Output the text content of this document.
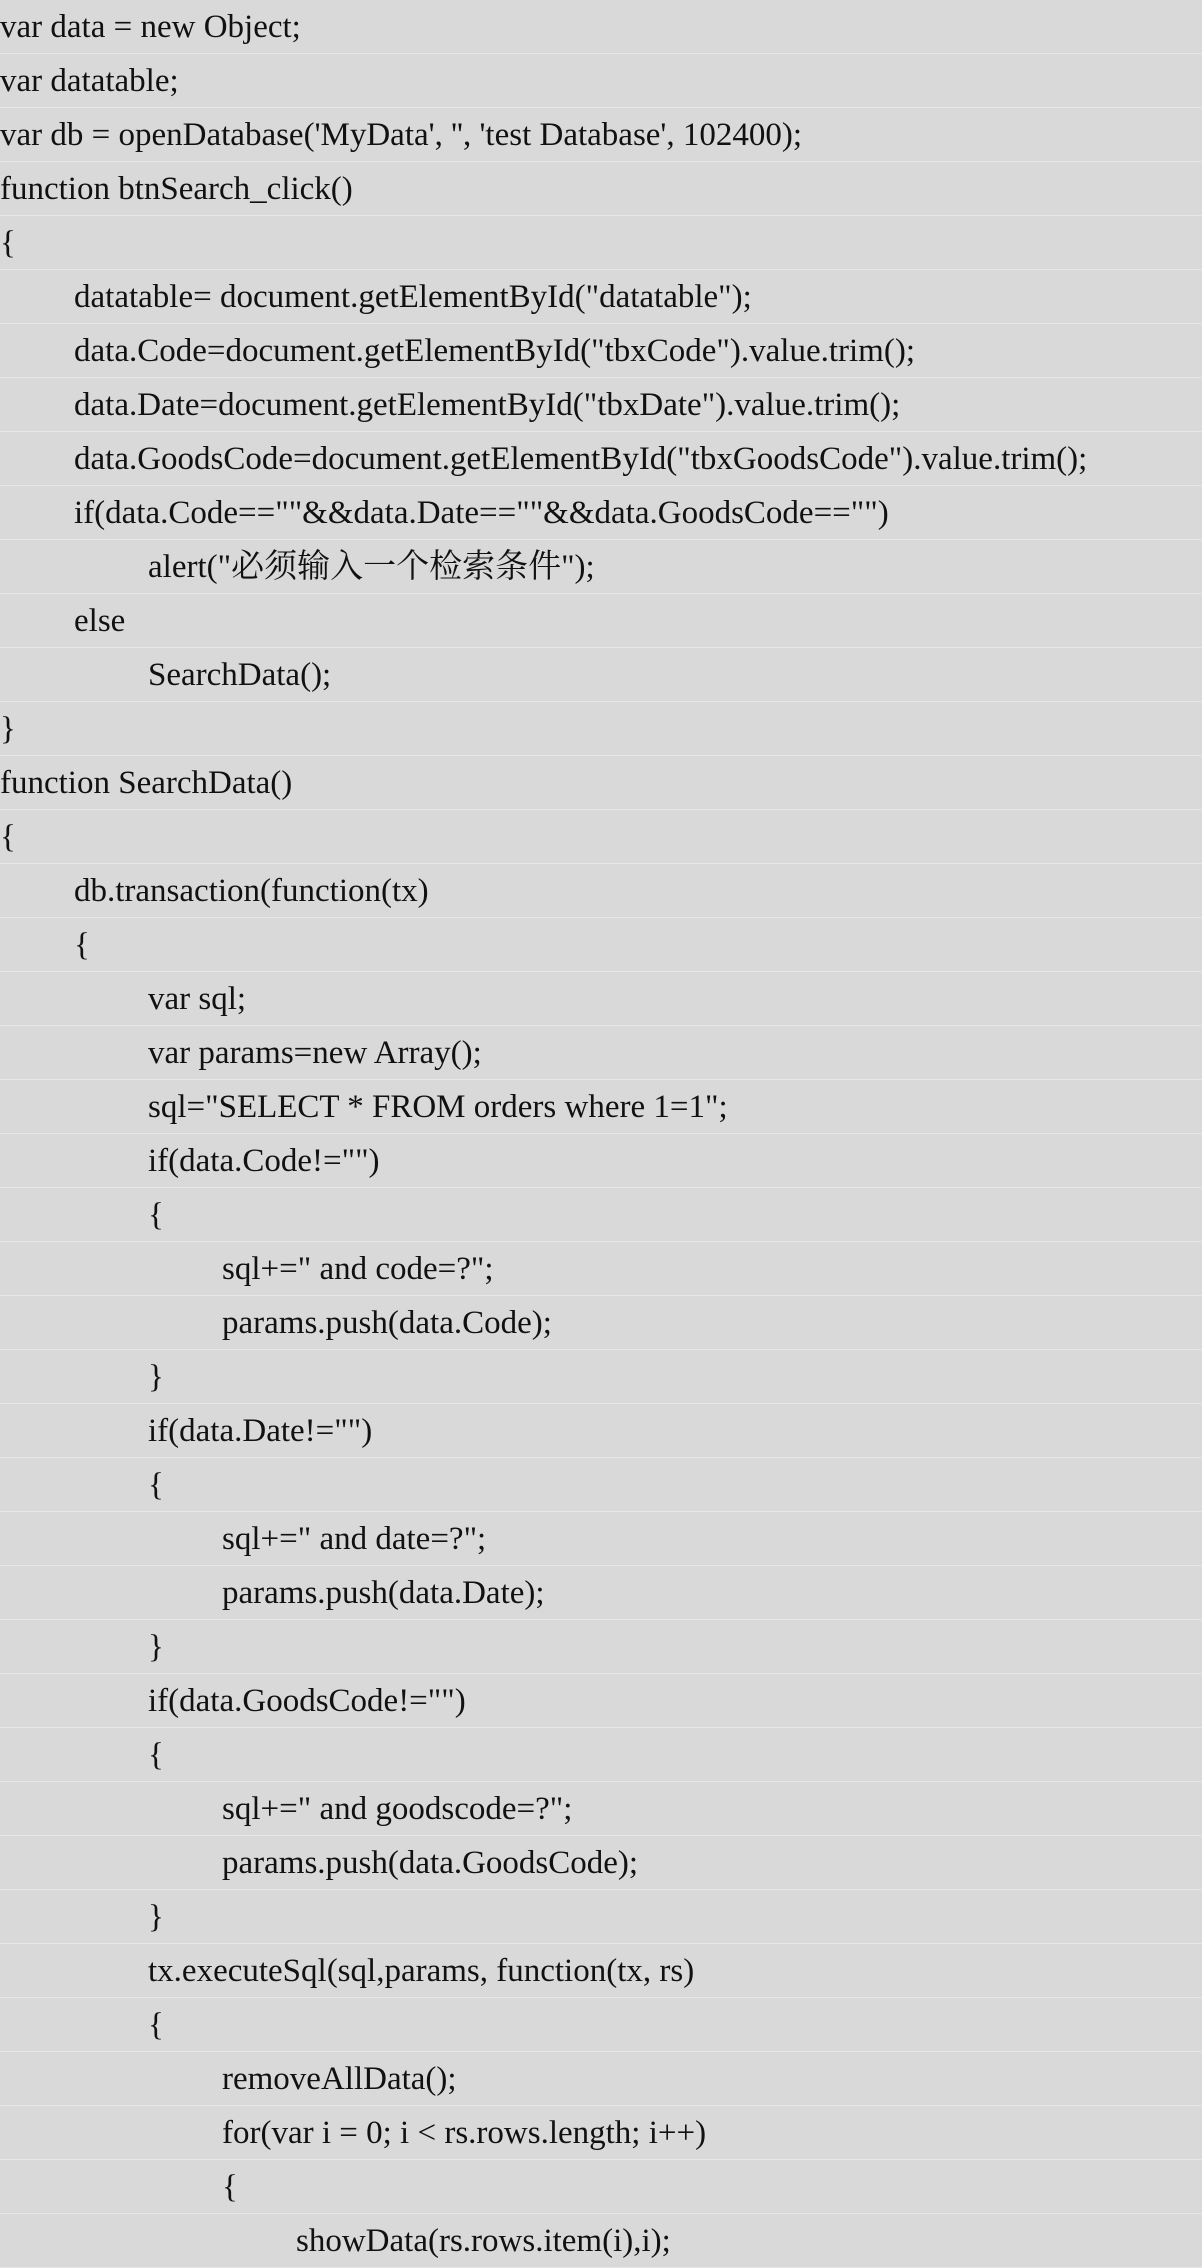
var data = new Object;
var datatable;
var db = openDatabase('MyData', '', 'test Database', 102400);
function btnSearch_click()
{
datatable= document.getElementById("datatable");
data.Code=document.getElementById("tbxCode").value.trim();
data.Date=document.getElementById("tbxDate").value.trim();
data.GoodsCode=document.getElementById("tbxGoodsCode").value.trim();
if(data.Code==""&&data.Date==""&&data.GoodsCode=="")
alert("必须输入一个检索条件");
else
SearchData();
}
function SearchData()
{
db.transaction(function(tx)
{
var sql;
var params=new Array();
sql="SELECT * FROM orders where 1=1";
if(data.Code!="")
{
sql+=" and code=?";
params.push(data.Code);
}
if(data.Date!="")
{
sql+=" and date=?";
params.push(data.Date);
}
if(data.GoodsCode!="")
{
sql+=" and goodscode=?";
params.push(data.GoodsCode);
}
tx.executeSql(sql,params, function(tx, rs)
{
removeAllData();
for(var i = 0; i < rs.rows.length; i++)
{
showData(rs.rows.item(i),i);
